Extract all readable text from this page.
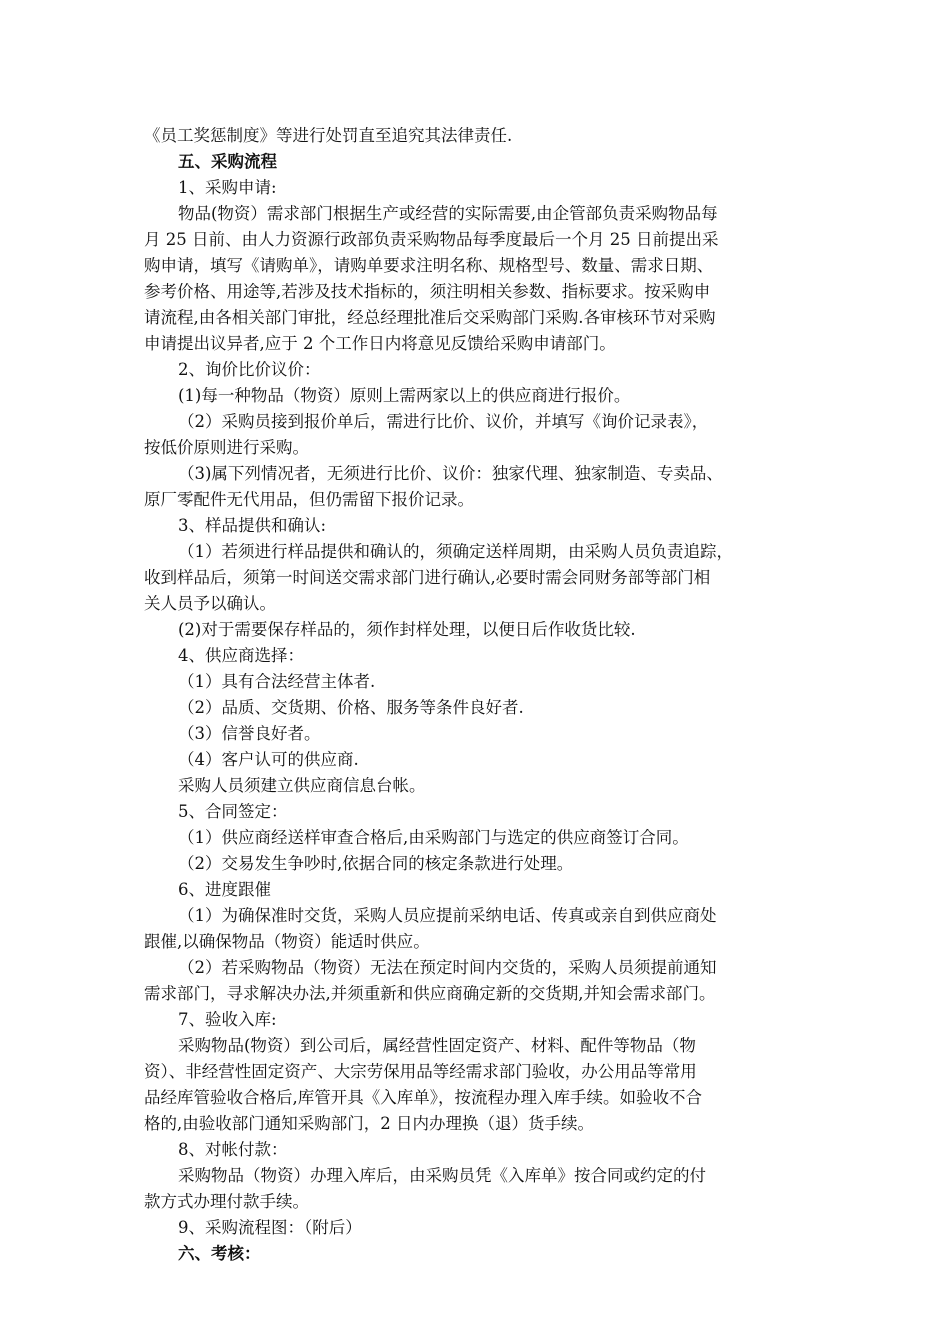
《员工奖惩制度》等进行处罚直至追究其法律责任.
五、采购流程
1、采购申请:
物品(物资）需求部门根据生产或经营的实际需要,由企管部负责采购物品每
月 25 日前、由人力资源行政部负责采购物品每季度最后一个月 25 日前提出采
购申请，填写《请购单》，请购单要求注明名称、规格型号、数量、需求日期、
参考价格、用途等,若涉及技术指标的，须注明相关参数、指标要求。按采购申
请流程,由各相关部门审批，经总经理批准后交采购部门采购.各审核环节对采购
申请提出议异者,应于 2 个工作日内将意见反馈给采购申请部门。
2、询价比价议价：
(1)每一种物品（物资）原则上需两家以上的供应商进行报价。
（2）采购员接到报价单后，需进行比价、议价，并填写《询价记录表》，
按低价原则进行采购。
（3)属下列情况者，无须进行比价、议价：独家代理、独家制造、专卖品、
原厂零配件无代用品，但仍需留下报价记录。
3、样品提供和确认:
（1）若须进行样品提供和确认的，须确定送样周期，由采购人员负责追踪，
收到样品后，须第一时间送交需求部门进行确认,必要时需会同财务部等部门相
关人员予以确认。
(2)对于需要保存样品的，须作封样处理，以便日后作收货比较.
4、供应商选择：
（1）具有合法经营主体者.
（2）品质、交货期、价格、服务等条件良好者.
（3）信誉良好者。
（4）客户认可的供应商.
采购人员须建立供应商信息台帐。
5、合同签定：
（1）供应商经送样审查合格后,由采购部门与选定的供应商签订合同。
（2）交易发生争吵时,依据合同的核定条款进行处理。
6、进度跟催
（1）为确保准时交货，采购人员应提前采纳电话、传真或亲自到供应商处
跟催,以确保物品（物资）能适时供应。
（2）若采购物品（物资）无法在预定时间内交货的，采购人员须提前通知
需求部门，寻求解决办法,并须重新和供应商确定新的交货期,并知会需求部门。
7、验收入库:
采购物品(物资）到公司后，属经营性固定资产、材料、配件等物品（物
资）、非经营性固定资产、大宗劳保用品等经需求部门验收，办公用品等常用
品经库管验收合格后,库管开具《入库单》，按流程办理入库手续。如验收不合
格的,由验收部门通知采购部门，2 日内办理换（退）货手续。
8、对帐付款：
采购物品（物资）办理入库后，由采购员凭《入库单》按合同或约定的付
款方式办理付款手续。
9、采购流程图：（附后）
六、考核：
